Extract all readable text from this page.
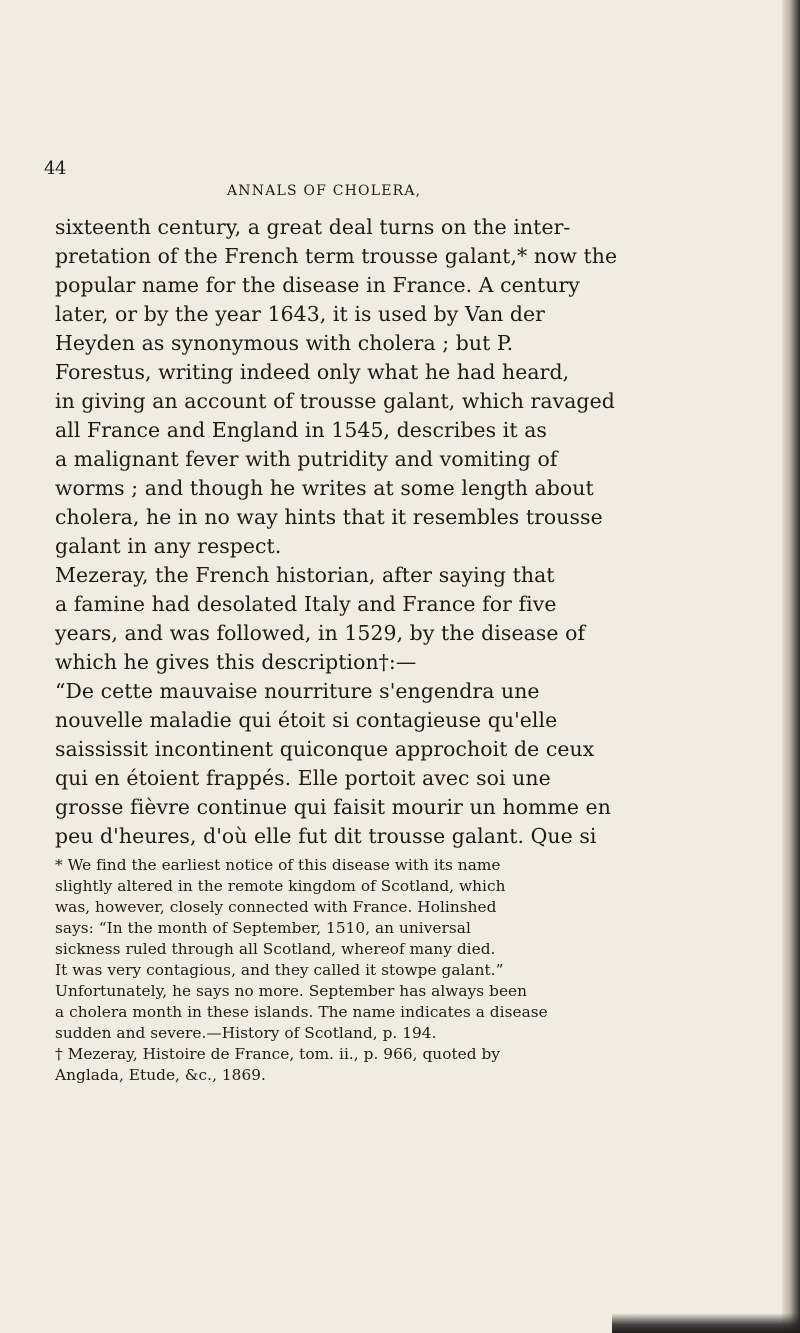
44
ANNALS OF CHOLERA,
sixteenth century, a great deal turns on the inter-
pretation of the French term trousse galant,* now the
popular name for the disease in France. A century
later, or by the year 1643, it is used by Van der
Heyden as synonymous with cholera ; but P.
Forestus, writing indeed only what he had heard,
in giving an account of trousse galant, which ravaged
all France and England in 1545, describes it as
a malignant fever with putridity and vomiting of
worms ; and though he writes at some length about
cholera, he in no way hints that it resembles trousse
galant in any respect.
Mezeray, the French historian, after saying that
a famine had desolated Italy and France for five
years, and was followed, in 1529, by the disease of
which he gives this description†:—
“De cette mauvaise nourriture s'engendra une
nouvelle maladie qui étoit si contagieuse qu'elle
saississit incontinent quiconque approchoit de ceux
qui en étoient frappés. Elle portoit avec soi une
grosse fièvre continue qui faisit mourir un homme en
peu d'heures, d'où elle fut dit trousse galant. Que si
* We find the earliest notice of this disease with its name
slightly altered in the remote kingdom of Scotland, which
was, however, closely connected with France. Holinshed
says: “In the month of September, 1510, an universal
sickness ruled through all Scotland, whereof many died.
It was very contagious, and they called it stowpe galant.”
Unfortunately, he says no more. September has always been
a cholera month in these islands. The name indicates a disease
sudden and severe.—History of Scotland, p. 194.
† Mezeray, Histoire de France, tom. ii., p. 966, quoted by
Anglada, Etude, &c., 1869.
